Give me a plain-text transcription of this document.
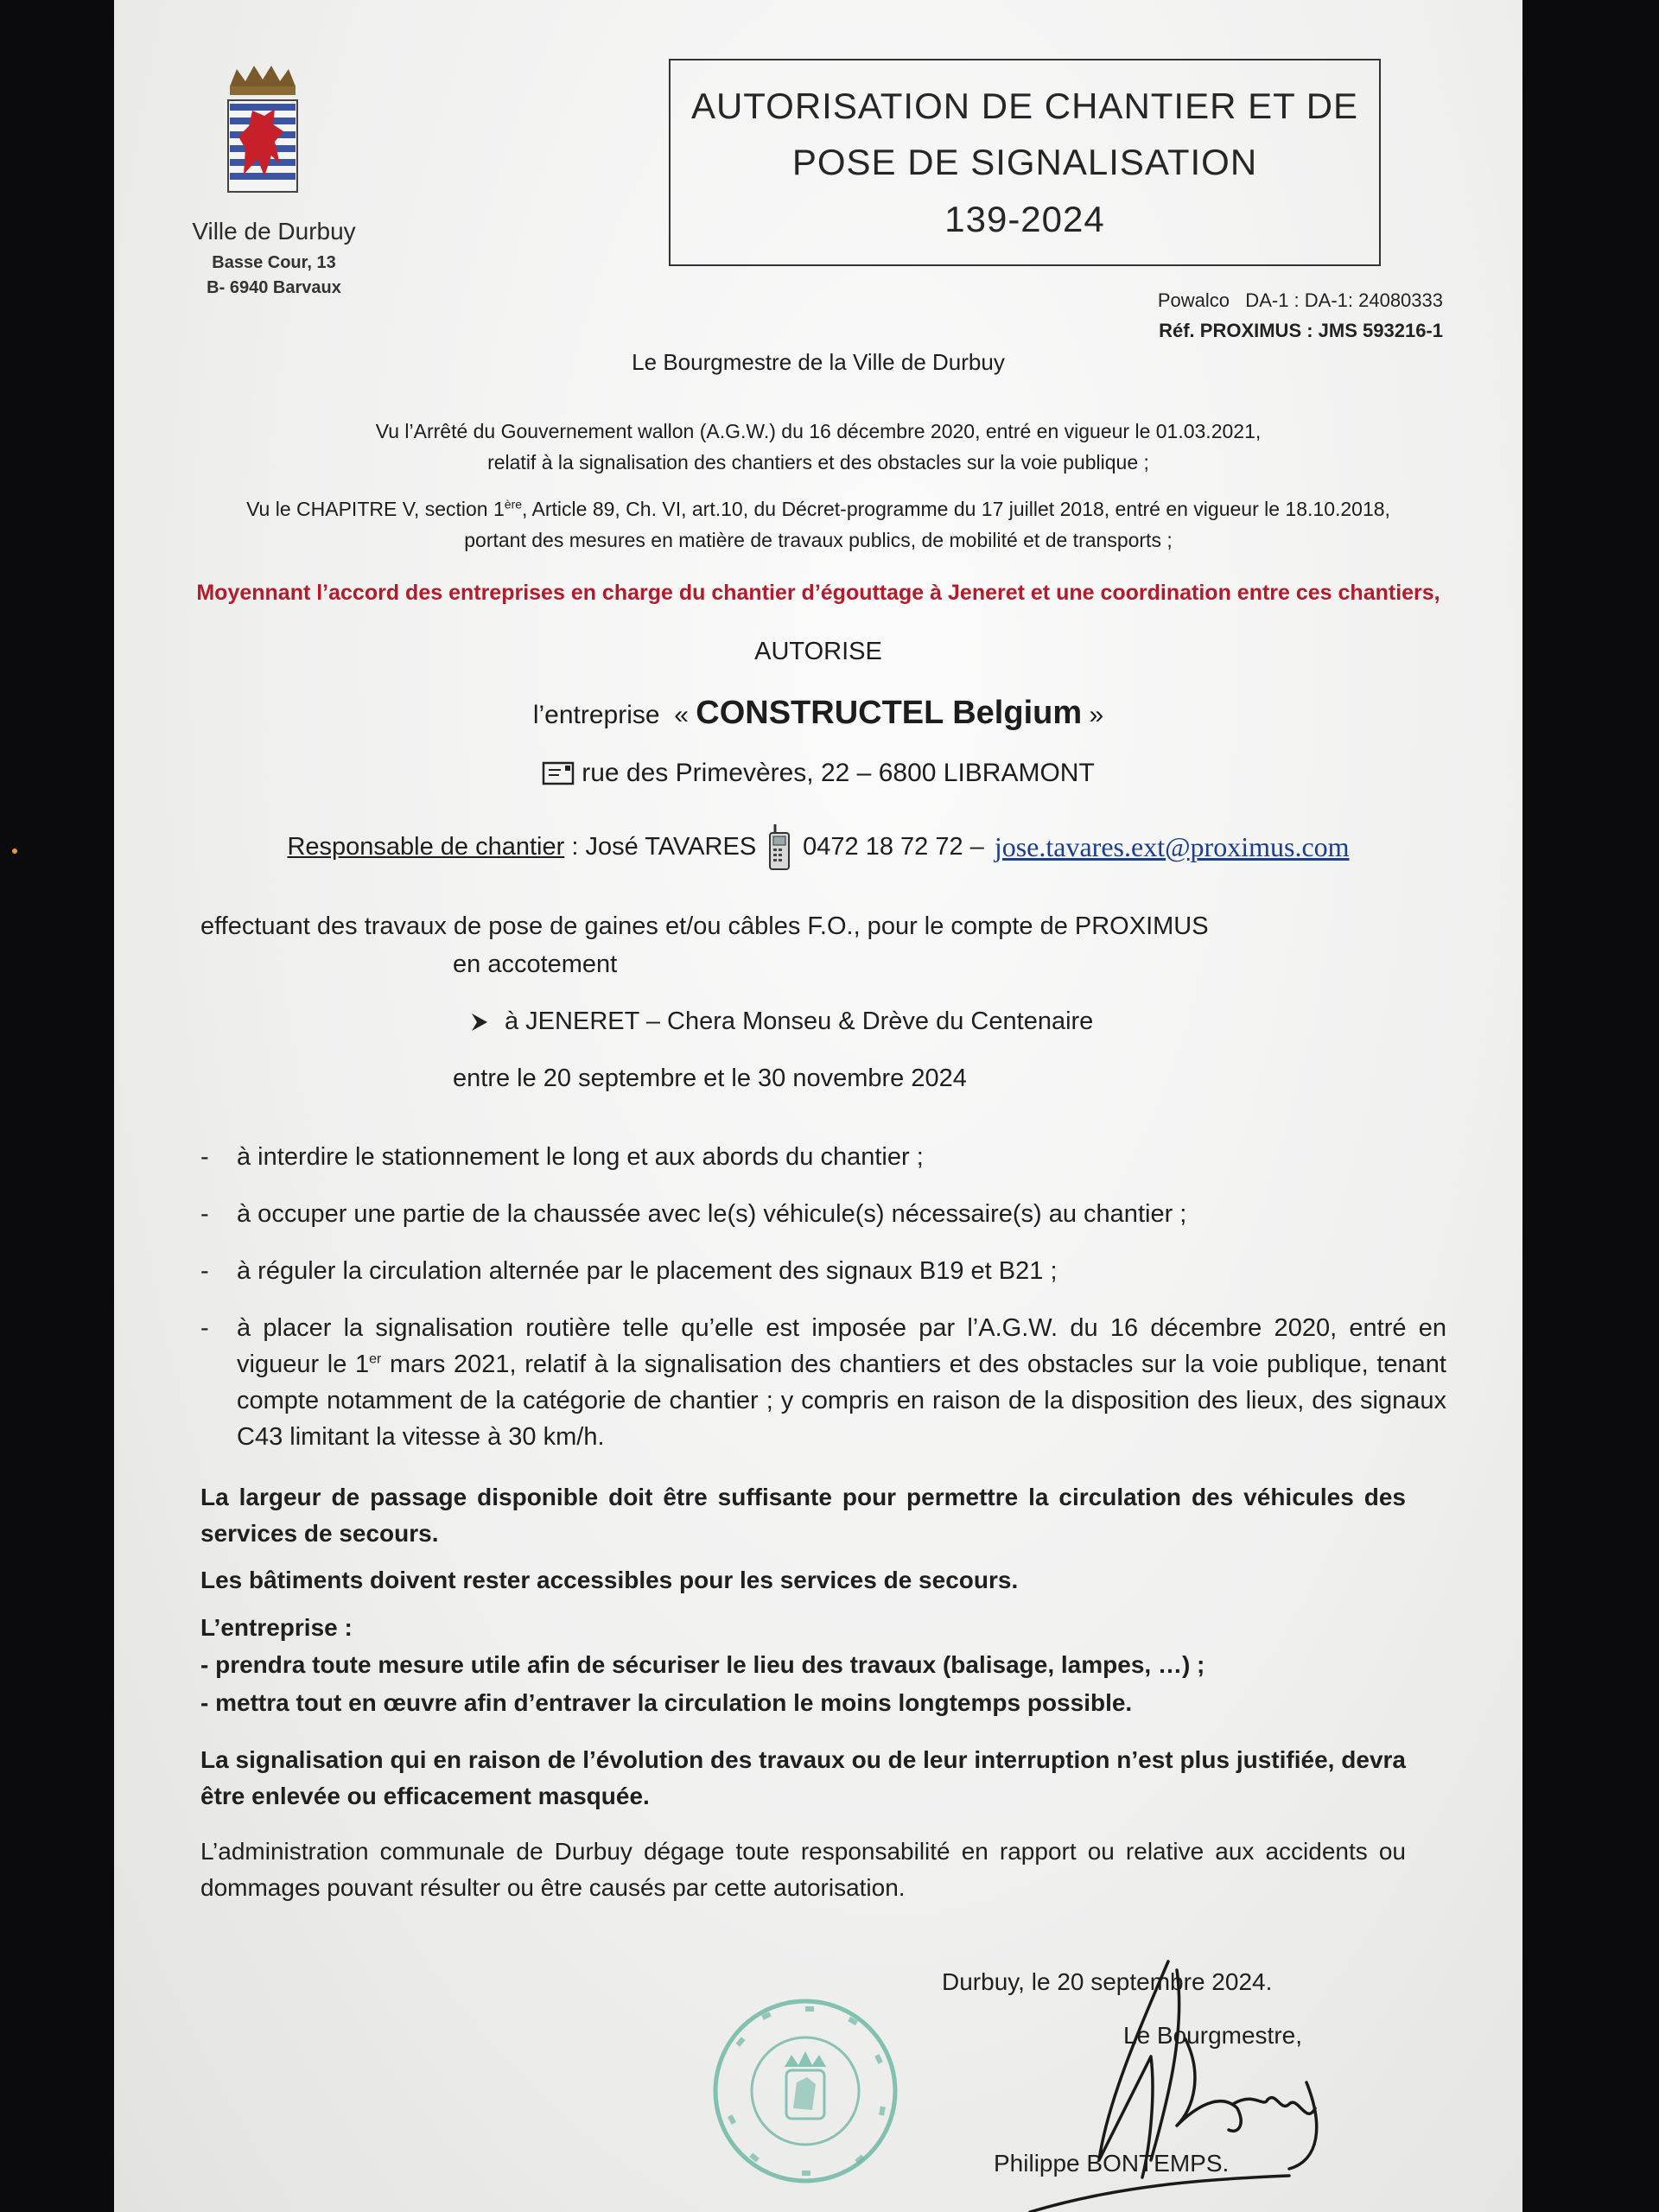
Ville de Durbuy
Basse Cour, 13
B- 6940 Barvaux
AUTORISATION DE CHANTIER ET DE
POSE DE SIGNALISATION
139-2024
Powalco   DA-1 : DA-1: 24080333
Réf. PROXIMUS : JMS 593216-1
Le Bourgmestre de la Ville de Durbuy
Vu l’Arrêté du Gouvernement wallon (A.G.W.) du 16 décembre 2020, entré en vigueur le 01.03.2021,
relatif à la signalisation des chantiers et des obstacles sur la voie publique ;
Vu le CHAPITRE V, section 1ère, Article 89, Ch. VI, art.10, du Décret-programme du 17 juillet 2018, entré en vigueur le 18.10.2018,
portant des mesures en matière de travaux publics, de mobilité et de transports ;
Moyennant l’accord des entreprises en charge du chantier d’égouttage à Jeneret et une coordination entre ces chantiers,
AUTORISE
l’entreprise  « CONSTRUCTEL Belgium »
rue des Primevères, 22 – 6800 LIBRAMONT
Responsable de chantier : José TAVARES 0472 18 72 72 – jose.tavares.ext@proximus.com
effectuant des travaux de pose de gaines et/ou câbles F.O., pour le compte de PROXIMUS
en accotement
à JENERET – Chera Monseu & Drève du Centenaire
entre le 20 septembre et le 30 novembre 2024
-	à interdire le stationnement le long et aux abords du chantier ;
-	à occuper une partie de la chaussée avec le(s) véhicule(s) nécessaire(s) au chantier ;
-	à réguler la circulation alternée par le placement des signaux B19 et B21 ;
-	à placer la signalisation routière telle qu’elle est imposée par l’A.G.W. du 16 décembre 2020, entré en vigueur le 1er mars 2021, relatif à la signalisation des chantiers et des obstacles sur la voie publique, tenant compte notamment de la catégorie de chantier ; y compris en raison de la disposition des lieux, des signaux C43 limitant la vitesse à 30 km/h.
La largeur de passage disponible doit être suffisante pour permettre la circulation des véhicules des services de secours.
Les bâtiments doivent rester accessibles pour les services de secours.
L’entreprise :
- prendra toute mesure utile afin de sécuriser le lieu des travaux (balisage, lampes, …) ;
- mettra tout en œuvre afin d’entraver la circulation le moins longtemps possible.
La signalisation qui en raison de l’évolution des travaux ou de leur interruption n’est plus justifiée, devra être enlevée ou efficacement masquée.
L’administration communale de Durbuy dégage toute responsabilité en rapport ou relative aux accidents ou dommages pouvant résulter ou être causés par cette autorisation.
Durbuy, le 20 septembre 2024.
Le Bourgmestre,
Philippe BONTEMPS.
